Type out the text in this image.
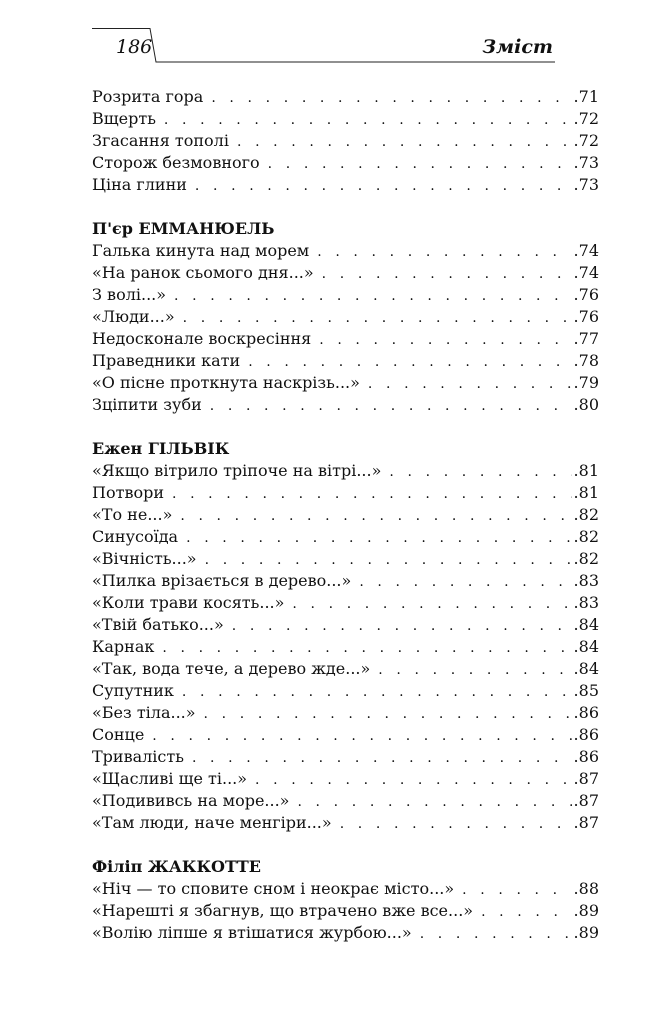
186	Зміст
Розрита гора . . .	.71
Вщерть . . .	.72
Згасання тополі . . .	.72
Сторож безмовного . . .	.73
Ціна глини . . .	.73
П'єр ЕММАНЮЕЛЬ
Галька кинута над морем . . .	.74
«На ранок сьомого дня...» . . .	.74
З волі...» . . .	.76
«Люди...» . . .	.76
Недосконале воскресіння . . .	.77
Праведники кати . . .	.78
«О пісне проткнута наскрізь...» . . .	.79
Зціпити зуби . . .	.80
Ежен ГІЛЬВІК
«Якщо вітрило тріпоче на вітрі...» . . .	.81
Потвори . . .	.81
«То не...» . . .	.82
Синусоїда . . .	.82
«Вічність...» . . .	.82
«Пилка врізається в дерево...» . . .	.83
«Коли трави косять...» . . .	.83
«Твій батько...» . . .	.84
Карнак . . .	.84
«Так, вода тече, а дерево жде...» . . .	.84
Супутник . . .	.85
«Без тіла...» . . .	.86
Сонце . . .	.86
Тривалість . . .	.86
«Щасливі ще ті...» . . .	.87
«Подививсь на море...» . . .	.87
«Там люди, наче менгіри...» . . .	.87
Філіп ЖАККОТТЕ
«Ніч — то сповите сном і неокрає місто...» . . .	.88
«Нарешті я збагнув, що втрачено вже все...» . . .	.89
«Волію ліпше я втішатися журбою...» . . .	.89
